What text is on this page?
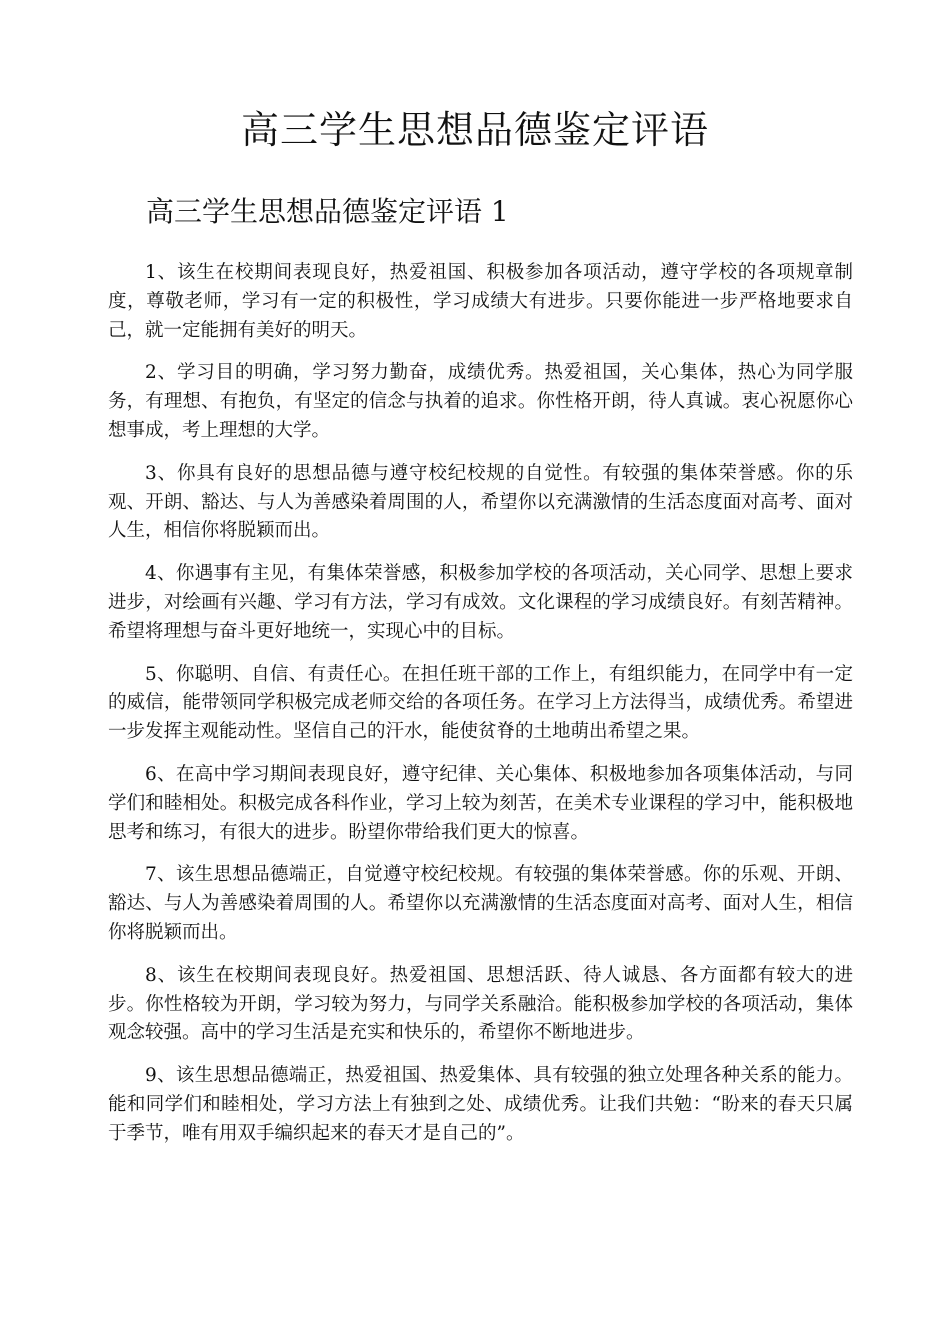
高三学生思想品德鉴定评语
高三学生思想品德鉴定评语 1

1、该生在校期间表现良好，热爱祖国、积极参加各项活动，遵守学校的各项规章制度，尊敬老师，学习有一定的积极性，学习成绩大有进步。只要你能进一步严格地要求自己，就一定能拥有美好的明天。

2、学习目的明确，学习努力勤奋，成绩优秀。热爱祖国，关心集体，热心为同学服务，有理想、有抱负，有坚定的信念与执着的追求。你性格开朗，待人真诚。衷心祝愿你心想事成，考上理想的大学。

3、你具有良好的思想品德与遵守校纪校规的自觉性。有较强的集体荣誉感。你的乐观、开朗、豁达、与人为善感染着周围的人，希望你以充满激情的生活态度面对高考、面对人生，相信你将脱颖而出。

4、你遇事有主见，有集体荣誉感，积极参加学校的各项活动，关心同学、思想上要求进步，对绘画有兴趣、学习有方法，学习有成效。文化课程的学习成绩良好。有刻苦精神。希望将理想与奋斗更好地统一，实现心中的目标。

5、你聪明、自信、有责任心。在担任班干部的工作上，有组织能力，在同学中有一定的威信，能带领同学积极完成老师交给的各项任务。在学习上方法得当，成绩优秀。希望进一步发挥主观能动性。坚信自己的汗水，能使贫脊的土地萌出希望之果。

6、在高中学习期间表现良好，遵守纪律、关心集体、积极地参加各项集体活动，与同学们和睦相处。积极完成各科作业，学习上较为刻苦，在美术专业课程的学习中，能积极地思考和练习，有很大的进步。盼望你带给我们更大的惊喜。

7、该生思想品德端正，自觉遵守校纪校规。有较强的集体荣誉感。你的乐观、开朗、豁达、与人为善感染着周围的人。希望你以充满激情的生活态度面对高考、面对人生，相信你将脱颖而出。

8、该生在校期间表现良好。热爱祖国、思想活跃、待人诚恳、各方面都有较大的进步。你性格较为开朗，学习较为努力，与同学关系融洽。能积极参加学校的各项活动，集体观念较强。高中的学习生活是充实和快乐的，希望你不断地进步。

9、该生思想品德端正，热爱祖国、热爱集体、具有较强的独立处理各种关系的能力。能和同学们和睦相处，学习方法上有独到之处、成绩优秀。让我们共勉：“盼来的春天只属于季节，唯有用双手编织起来的春天才是自己的”。
